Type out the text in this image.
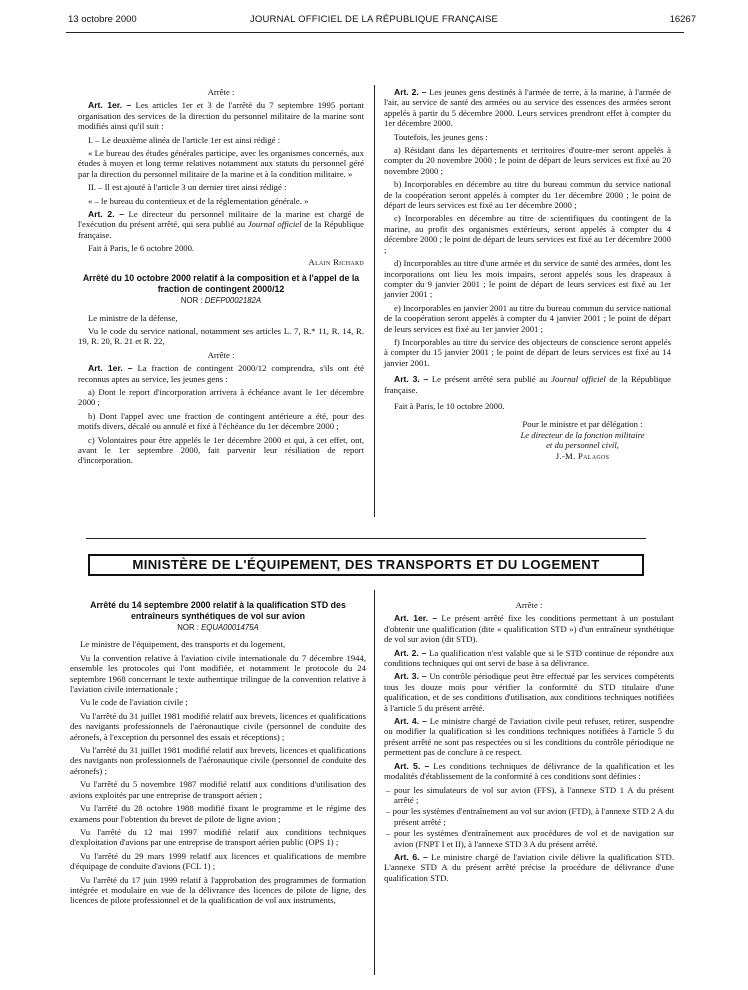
13 octobre 2000	JOURNAL OFFICIEL DE LA RÉPUBLIQUE FRANÇAISE	16267

Arrête :

Art. 1er. – Les articles 1er et 3 de l'arrêté du 7 septembre 1995 portant organisation des services de la direction du personnel militaire de la marine sont modifiés ainsi qu'il suit :

I. – Le deuxième alinéa de l'article 1er est ainsi rédigé :

« Le bureau des études générales participe, avec les organismes concernés, aux études à moyen et long terme relatives notamment aux statuts du personnel géré par la direction du personnel militaire de la marine et à la condition militaire. »

II. – Il est ajouté à l'article 3 un dernier tiret ainsi rédigé :

« – le bureau du contentieux et de la réglementation générale. »

Art. 2. – Le directeur du personnel militaire de la marine est chargé de l'exécution du présent arrêté, qui sera publié au Journal officiel de la République française.

Fait à Paris, le 6 octobre 2000.

Alain Richard

Arrêté du 10 octobre 2000 relatif à la composition et à l'appel de la fraction de contingent 2000/12
NOR : DEFP0002182A

Le ministre de la défense,

Vu le code du service national, notamment ses articles L. 7, R.* 11, R. 14, R. 19, R. 20, R. 21 et R. 22,

Arrête :

Art. 1er. – La fraction de contingent 2000/12 comprendra, s'ils ont été reconnus aptes au service, les jeunes gens :

a) Dont le report d'incorporation arrivera à échéance avant le 1er décembre 2000 ;

b) Dont l'appel avec une fraction de contingent antérieure a été, pour des motifs divers, décalé ou annulé et fixé à l'échéance du 1er décembre 2000 ;

c) Volontaires pour être appelés le 1er décembre 2000 et qui, à cet effet, ont, avant le 1er septembre 2000, fait parvenir leur résiliation de report d'incorporation.

Art. 2. – Les jeunes gens destinés à l'armée de terre, à la marine, à l'armée de l'air, au service de santé des armées ou au service des essences des armées seront appelés à partir du 5 décembre 2000. Leurs services prendront effet à compter du 1er décembre 2000.

Toutefois, les jeunes gens :

a) Résidant dans les départements et territoires d'outre-mer seront appelés à compter du 20 novembre 2000 ; le point de départ de leurs services est fixé au 20 novembre 2000 ;

b) Incorporables en décembre au titre du bureau commun du service national de la coopération seront appelés à compter du 1er décembre 2000 ; le point de départ de leurs services est fixé au 1er décembre 2000 ;

c) Incorporables en décembre au titre de scientifiques du contingent de la marine, au profit des organismes extérieurs, seront appelés à compter du 4 décembre 2000 ; le point de départ de leurs services est fixé au 1er décembre 2000 ;

d) Incorporables au titre d'une armée et du service de santé des armées, dont les incorporations ont lieu les mois impairs, seront appelés sous les drapeaux à compter du 9 janvier 2001 ; le point de départ de leurs services est fixé au 1er janvier 2001 ;

e) Incorporables en janvier 2001 au titre du bureau commun du service national de la coopération seront appelés à compter du 4 janvier 2001 ; le point de départ de leurs services est fixé au 1er janvier 2001 ;

f) Incorporables au titre du service des objecteurs de conscience seront appelés à compter du 15 janvier 2001 ; le point de départ de leurs services est fixé au 14 janvier 2001.

Art. 3. – Le présent arrêté sera publié au Journal officiel de la République française.

Fait à Paris, le 10 octobre 2000.

Pour le ministre et par délégation :
Le directeur de la fonction militaire
et du personnel civil,
J.-M. Palagos
MINISTÈRE DE L'ÉQUIPEMENT, DES TRANSPORTS ET DU LOGEMENT
Arrêté du 14 septembre 2000 relatif à la qualification STD des entraîneurs synthétiques de vol sur avion
NOR : EQUA0001475A

Le ministre de l'équipement, des transports et du logement,

Vu la convention relative à l'aviation civile internationale du 7 décembre 1944, ensemble les protocoles qui l'ont modifiée, et notamment le protocole du 24 septembre 1968 concernant le texte authentique trilingue de la convention relative à l'aviation civile internationale ;

Vu le code de l'aviation civile ;

Vu l'arrêté du 31 juillet 1981 modifié relatif aux brevets, licences et qualifications des navigants professionnels de l'aéronautique civile (personnel de conduite des aéronefs, à l'exception du personnel des essais et réceptions) ;

Vu l'arrêté du 31 juillet 1981 modifié relatif aux brevets, licences et qualifications des navigants non professionnels de l'aéronautique civile (personnel de conduite des aéronefs) ;

Vu l'arrêté du 5 novembre 1987 modifié relatif aux conditions d'utilisation des avions exploités par une entreprise de transport aérien ;

Vu l'arrêté du 28 octobre 1988 modifié fixant le programme et le régime des examens pour l'obtention du brevet de pilote de ligne avion ;

Vu l'arrêté du 12 mai 1997 modifié relatif aux conditions techniques d'exploitation d'avions par une entreprise de transport aérien public (OPS 1) ;

Vu l'arrêté du 29 mars 1999 relatif aux licences et qualifications de membre d'équipage de conduite d'avions (FCL 1) ;

Vu l'arrêté du 17 juin 1999 relatif à l'approbation des programmes de formation intégrée et modulaire en vue de la délivrance des licences de pilote de ligne, des licences de pilote professionnel et de la qualification de vol aux instruments,

Arrête :

Art. 1er. – Le présent arrêté fixe les conditions permettant à un postulant d'obtenir une qualification (dite « qualification STD ») d'un entraîneur synthétique de vol sur avion (dit STD).

Art. 2. – La qualification n'est valable que si le STD continue de répondre aux conditions techniques qui ont servi de base à sa délivrance.

Art. 3. – Un contrôle périodique peut être effectué par les services compétents tous les douze mois pour vérifier la conformité du STD titulaire d'une qualification, et de ses conditions d'utilisation, aux conditions techniques notifiées à l'article 5 du présent arrêté.

Art. 4. – Le ministre chargé de l'aviation civile peut refuser, retirer, suspendre ou modifier la qualification si les conditions techniques notifiées à l'article 5 du présent arrêté ne sont pas respectées ou si les conditions du contrôle périodique ne permettent pas de conclure à ce respect.

Art. 5. – Les conditions techniques de délivrance de la qualification et les modalités d'établissement de la conformité à ces conditions sont définies :

– pour les simulateurs de vol sur avion (FFS), à l'annexe STD 1 A du présent arrêté ;
– pour les systèmes d'entraînement au vol sur avion (FTD), à l'annexe STD 2 A du présent arrêté ;
– pour les systèmes d'entraînement aux procédures de vol et de navigation sur avion (FNPT I et II), à l'annexe STD 3 A du présent arrêté.

Art. 6. – Le ministre chargé de l'aviation civile délivre la qualification STD. L'annexe STD A du présent arrêté précise la procédure de délivrance d'une qualification STD.
